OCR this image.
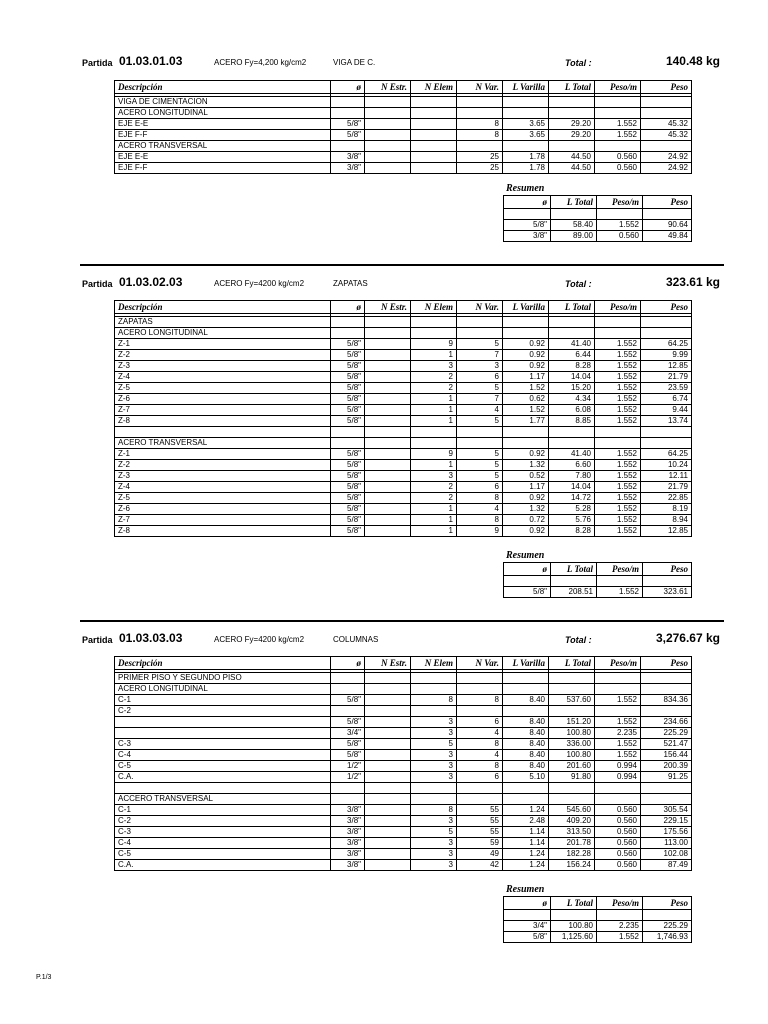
Partida 01.03.01.03	ACERO Fy=4,200 kg/cm2	VIGA DE C.	Total :	140.48 kg
Descripción	ø	N Estr.	N Elem	N Var.	L Varilla	L Total	Peso/m	Peso

VIGA DE CIMENTACION								
ACERO LONGITUDINAL								
EJE E-E	5/8"			8	3.65	29.20	1.552	45.32
EJE F-F	5/8"			8	3.65	29.20	1.552	45.32
ACERO TRANSVERSAL								
EJE E-E	3/8"			25	1.78	44.50	0.560	24.92
EJE F-F	3/8"			25	1.78	44.50	0.560	24.92
Resumen
ø	L Total	Peso/m	Peso

5/8"	58.40	1.552	90.64
3/8"	89.00	0.560	49.84
Partida 01.03.02.03	ACERO Fy=4200 kg/cm2	ZAPATAS	Total :	323.61 kg
Descripción	ø	N Estr.	N Elem	N Var.	L Varilla	L Total	Peso/m	Peso

ZAPATAS								
ACERO LONGITUDINAL								
Z-1	5/8"		9	5	0.92	41.40	1.552	64.25
Z-2	5/8"		1	7	0.92	6.44	1.552	9.99
Z-3	5/8"		3	3	0.92	8.28	1.552	12.85
Z-4	5/8"		2	6	1.17	14.04	1.552	21.79
Z-5	5/8"		2	5	1.52	15.20	1.552	23.59
Z-6	5/8"		1	7	0.62	4.34	1.552	6.74
Z-7	5/8"		1	4	1.52	6.08	1.552	9.44
Z-8	5/8"		1	5	1.77	8.85	1.552	13.74

ACERO TRANSVERSAL								
Z-1	5/8"		9	5	0.92	41.40	1.552	64.25
Z-2	5/8"		1	5	1.32	6.60	1.552	10.24
Z-3	5/8"		3	5	0.52	7.80	1.552	12.11
Z-4	5/8"		2	6	1.17	14.04	1.552	21.79
Z-5	5/8"		2	8	0.92	14.72	1.552	22.85
Z-6	5/8"		1	4	1.32	5.28	1.552	8.19
Z-7	5/8"		1	8	0.72	5.76	1.552	8.94
Z-8	5/8"		1	9	0.92	8.28	1.552	12.85
Resumen
ø	L Total	Peso/m	Peso

5/8"	208.51	1.552	323.61
Partida 01.03.03.03	ACERO Fy=4200 kg/cm2	COLUMNAS	Total :	3,276.67 kg
Descripción	ø	N Estr.	N Elem	N Var.	L Varilla	L Total	Peso/m	Peso

PRIMER PISO Y SEGUNDO PISO								
ACERO LONGITUDINAL								
C-1	5/8"		8	8	8.40	537.60	1.552	834.36
C-2								
	5/8"		3	6	8.40	151.20	1.552	234.66
	3/4"		3	4	8.40	100.80	2.235	225.29
C-3	5/8"		5	8	8.40	336.00	1.552	521.47
C-4	5/8"		3	4	8.40	100.80	1.552	156.44
C-5	1/2"		3	8	8.40	201.60	0.994	200.39
C.A.	1/2"		3	6	5.10	91.80	0.994	91.25

ACCERO TRANSVERSAL								
C-1	3/8"		8	55	1.24	545.60	0.560	305.54
C-2	3/8"		3	55	2.48	409.20	0.560	229.15
C-3	3/8"		5	55	1.14	313.50	0.560	175.56
C-4	3/8"		3	59	1.14	201.78	0.560	113.00
C-5	3/8"		3	49	1.24	182.28	0.560	102.08
C.A.	3/8"		3	42	1.24	156.24	0.560	87.49
Resumen
ø	L Total	Peso/m	Peso

3/4"	100.80	2.235	225.29
5/8"	1,125.60	1.552	1,746.93
P.1/3
